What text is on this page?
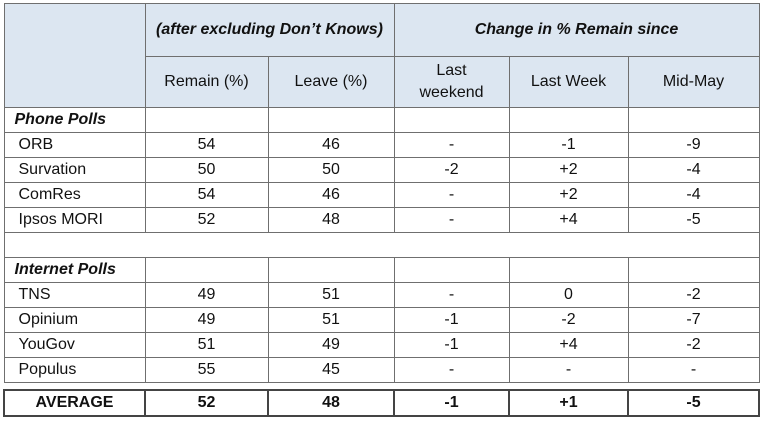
	(after excluding Don’t Knows)		Change in % Remain since		
	Remain (%)	Leave (%)	Last weekend	Last Week	Mid-May
Phone Polls					
ORB	54	46	-	-1	-9
Survation	50	50	-2	+2	-4
ComRes	54	46	-	+2	-4
Ipsos MORI	52	48	-	+4	-5

Internet Polls					
TNS	49	51	-	0	-2
Opinium	49	51	-1	-2	-7
YouGov	51	49	-1	+4	-2
Populus	55	45	-	-	-

AVERAGE	52	48	-1	+1	-5
